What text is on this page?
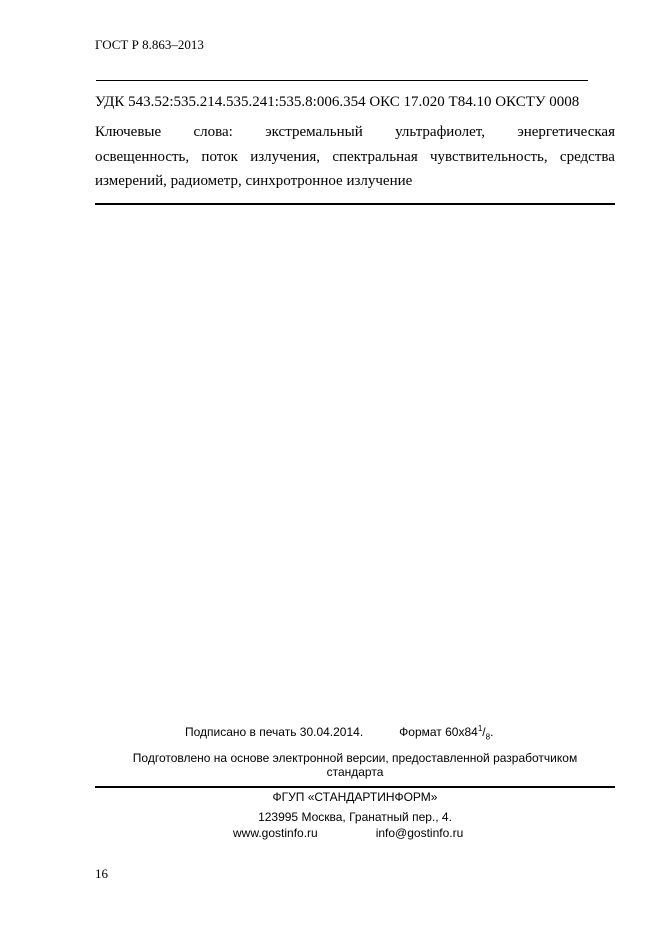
ГОСТ Р 8.863–2013
УДК 543.52:535.214.535.241:535.8:006.354 ОКС 17.020 Т84.10 ОКСТУ 0008
Ключевые слова: экстремальный ультрафиолет, энергетическая
освещенность, поток излучения, спектральная чувствительность, средства
измерений, радиометр, синхротронное излучение
Подписано в печать 30.04.2014.	Формат $60х84^1/_8$.
Подготовлено на основе электронной версии, предоставленной разработчиком
стандарта
ФГУП «СТАНДАРТИНФОРМ»
123995 Москва, Гранатный пер., 4.
www.gostinfo.ru	info@gostinfo.ru
16
